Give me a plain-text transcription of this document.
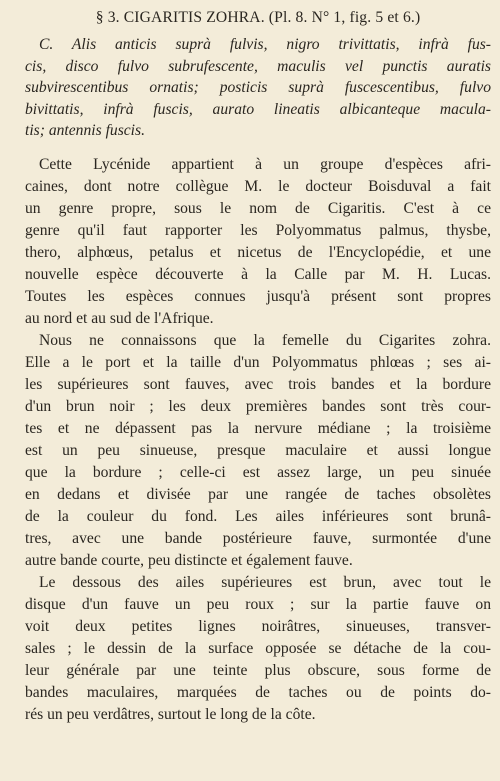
§ 3. CIGARITIS ZOHRA. (Pl. 8. N° 1, fig. 5 et 6.)
C. Alis anticis suprà fulvis, nigro trivittatis, infrà fus-
cis, disco fulvo subrufescente, maculis vel punctis auratis
subvirescentibus ornatis; posticis suprà fuscescentibus, fulvo
bivittatis, infrà fuscis, aurato lineatis albicanteque macula-
tis; antennis fuscis.
Cette Lycénide appartient à un groupe d'espèces afri-
caines, dont notre collègue M. le docteur Boisduval a fait
un genre propre, sous le nom de Cigaritis. C'est à ce
genre qu'il faut rapporter les Polyommatus palmus, thysbe,
thero, alphœus, petalus et nicetus de l'Encyclopédie, et une
nouvelle espèce découverte à la Calle par M. H. Lucas.
Toutes les espèces connues jusqu'à présent sont propres
au nord et au sud de l'Afrique.
Nous ne connaissons que la femelle du Cigarites zohra.
Elle a le port et la taille d'un Polyommatus phlœas ; ses ai-
les supérieures sont fauves, avec trois bandes et la bordure
d'un brun noir ; les deux premières bandes sont très cour-
tes et ne dépassent pas la nervure médiane ; la troisième
est un peu sinueuse, presque maculaire et aussi longue
que la bordure ; celle-ci est assez large, un peu sinuée
en dedans et divisée par une rangée de taches obsolètes
de la couleur du fond. Les ailes inférieures sont brunâ-
tres, avec une bande postérieure fauve, surmontée d'une
autre bande courte, peu distincte et également fauve.
Le dessous des ailes supérieures est brun, avec tout le
disque d'un fauve un peu roux ; sur la partie fauve on
voit deux petites lignes noirâtres, sinueuses, transver-
sales ; le dessin de la surface opposée se détache de la cou-
leur générale par une teinte plus obscure, sous forme de
bandes maculaires, marquées de taches ou de points do-
rés un peu verdâtres, surtout le long de la côte.
